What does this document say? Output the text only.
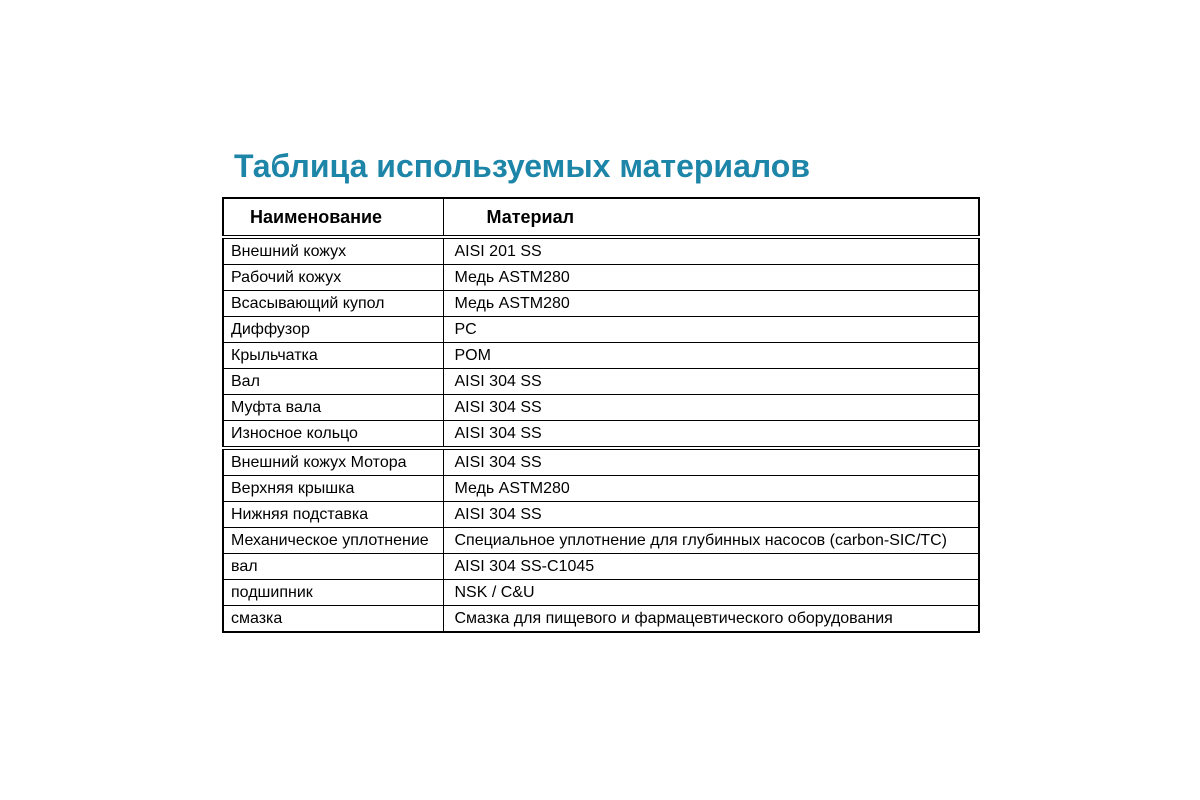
Таблица используемых материалов
Наименование	Материал
Внешний кожух	AISI 201 SS
Рабочий кожух	Медь ASTM280
Всасывающий купол	Медь ASTM280
Диффузор	PC
Крыльчатка	POM
Вал	AISI 304 SS
Муфта вала	AISI 304 SS
Износное кольцо	AISI 304 SS
Внешний кожух Мотора	AISI 304 SS
Верхняя крышка	Медь ASTM280
Нижняя подставка	AISI 304 SS
Механическое уплотнение	Специальное уплотнение для глубинных насосов (carbon-SIC/TC)
вал	AISI 304 SS-C1045
подшипник	NSK / C&U
смазка	Смазка для пищевого и фармацевтического оборудования
